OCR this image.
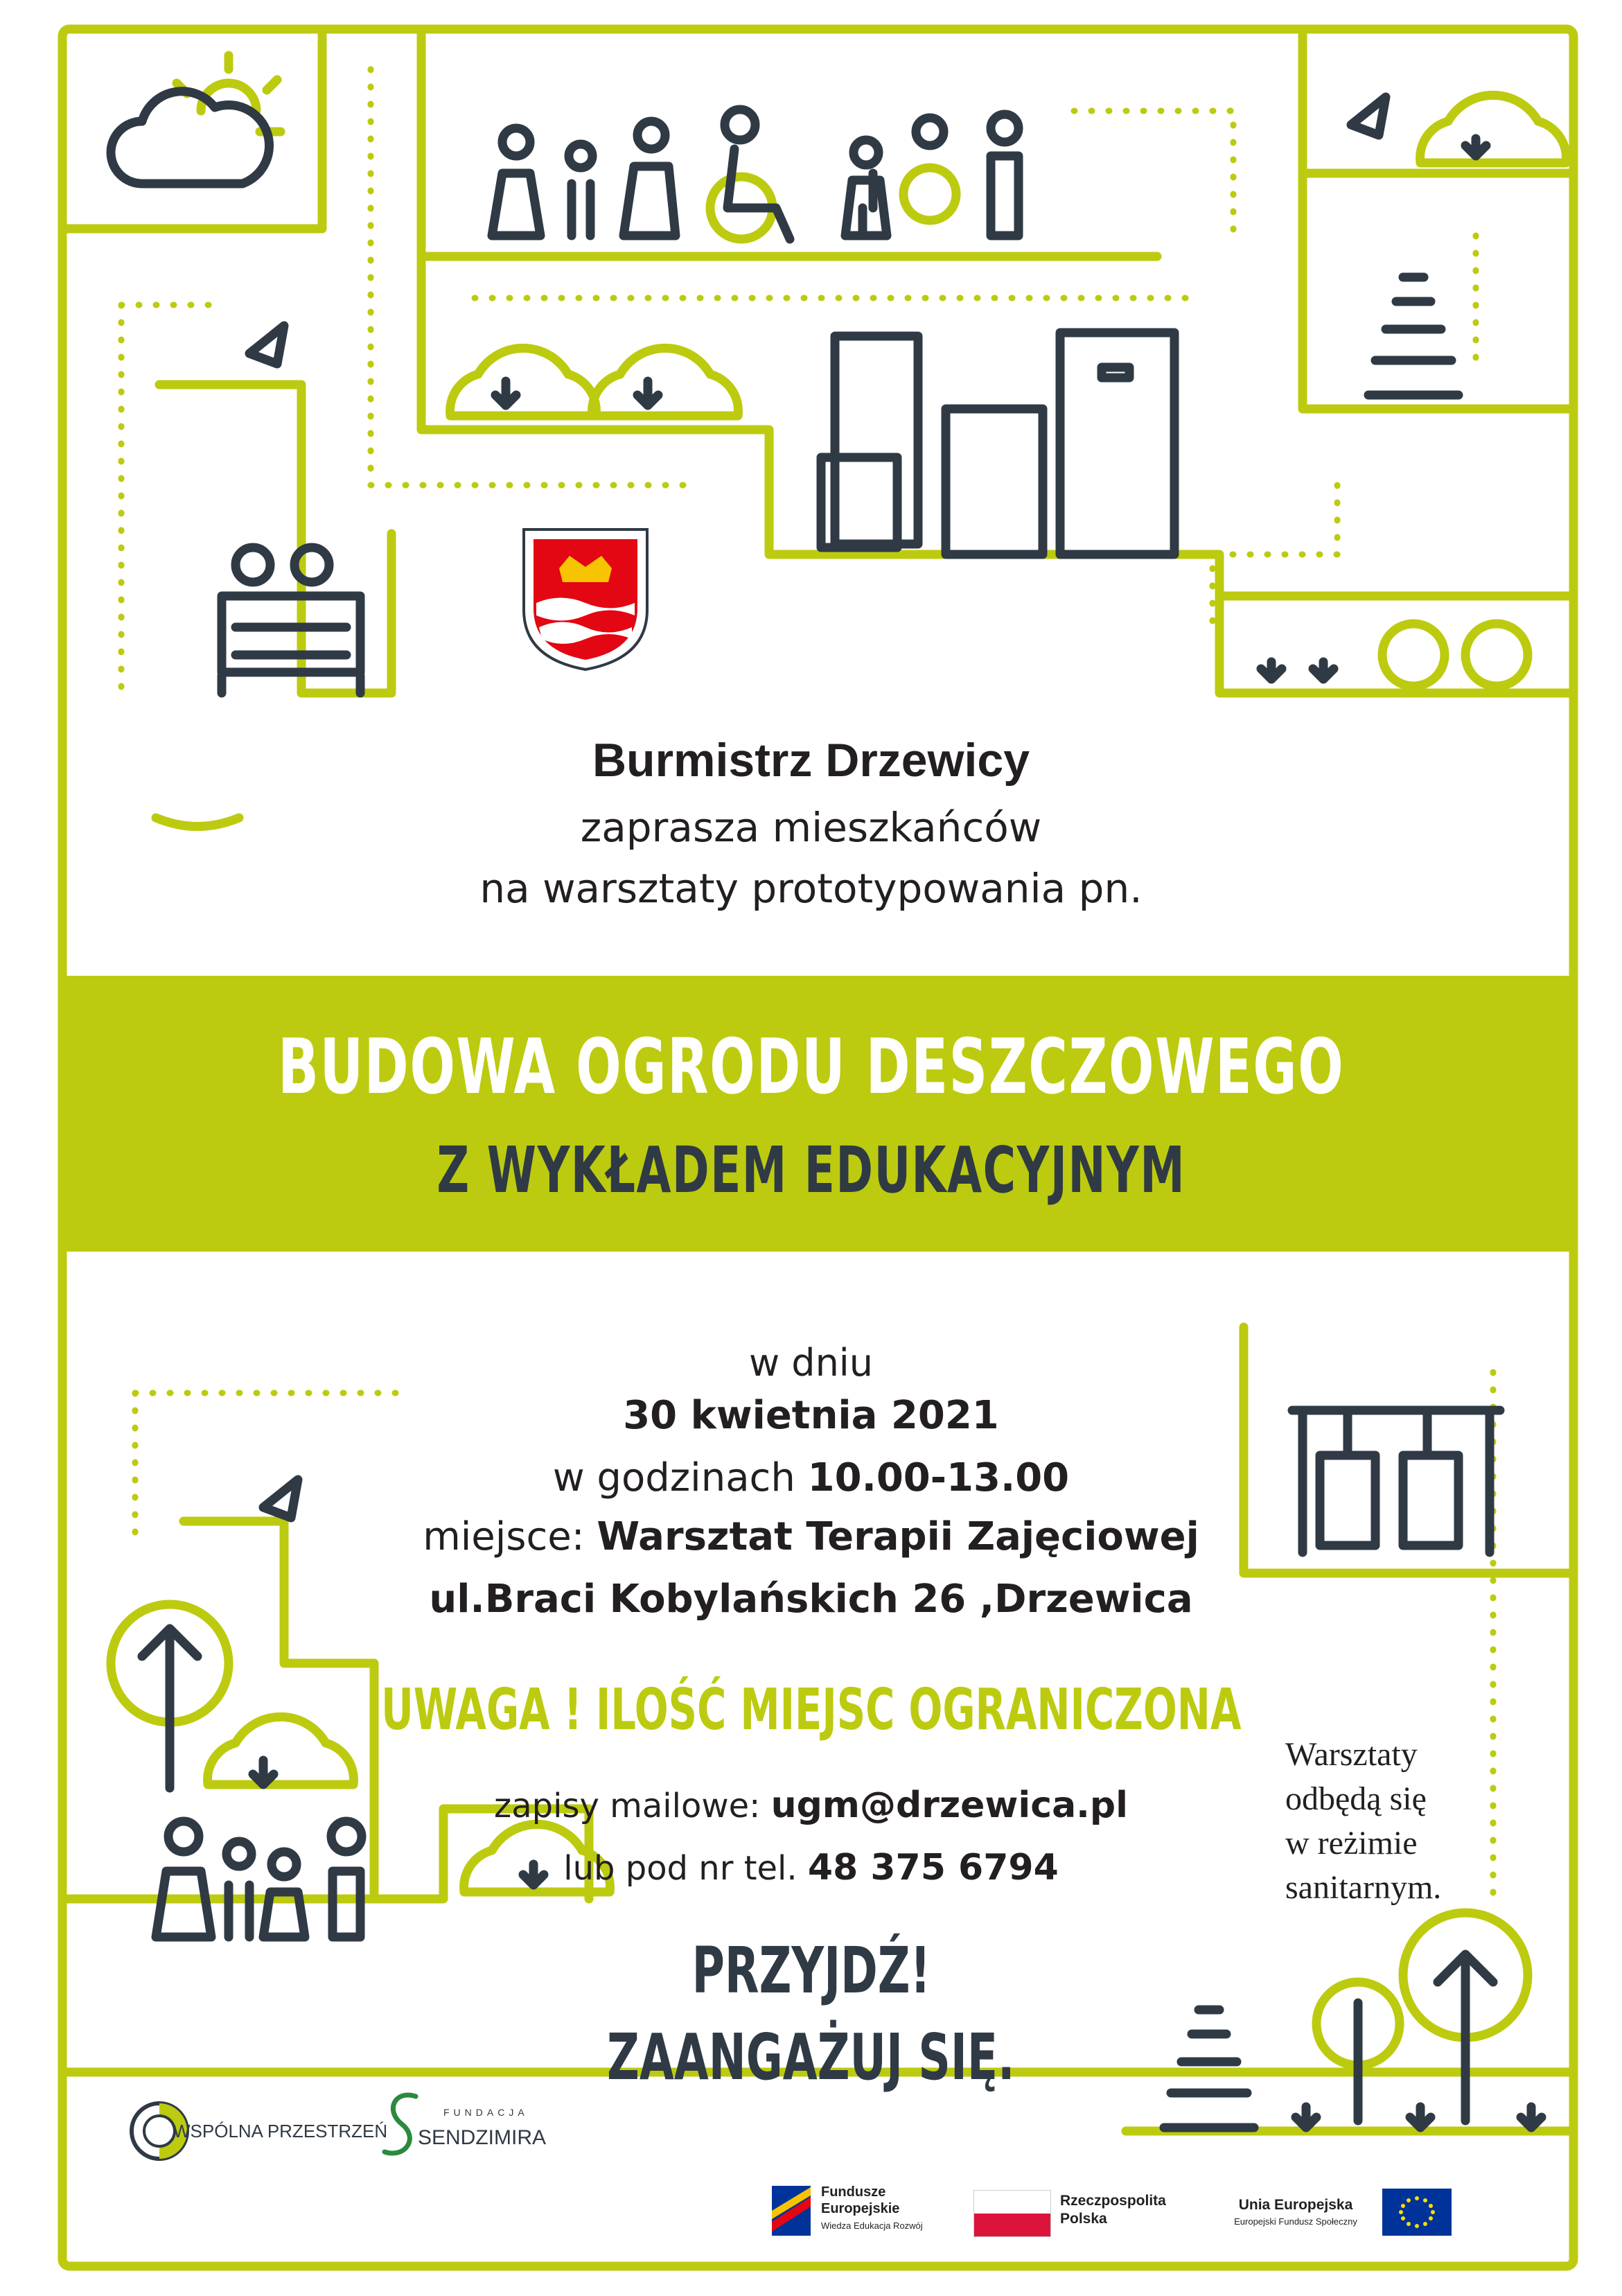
Burmistrz Drzewicy
zaprasza mieszkańców
na warsztaty prototypowania pn.
BUDOWA OGRODU DESZCZOWEGO
Z WYKŁADEM EDUKACYJNYM
w dniu
30 kwietnia 2021
w godzinach 10.00-13.00
miejsce: Warsztat Terapii Zajęciowej
ul.Braci Kobylańskich 26 ,Drzewica
UWAGA ! ILOŚĆ MIEJSC OGRANICZONA
zapisy mailowe: ugm@drzewica.pl
lub pod nr tel. 48 375 6794
PRZYJDŹ!
ZAANGAŻUJ SIĘ.
Warsztaty
odbędą się
w reżimie
sanitarnym.
WSPÓLNA PRZESTRZEŃ
FUNDACJA
SENDZIMIRA
Fundusze
Europejskie
Wiedza Edukacja Rozwój
Rzeczpospolita
Polska
Unia Europejska
Europejski Fundusz Społeczny
